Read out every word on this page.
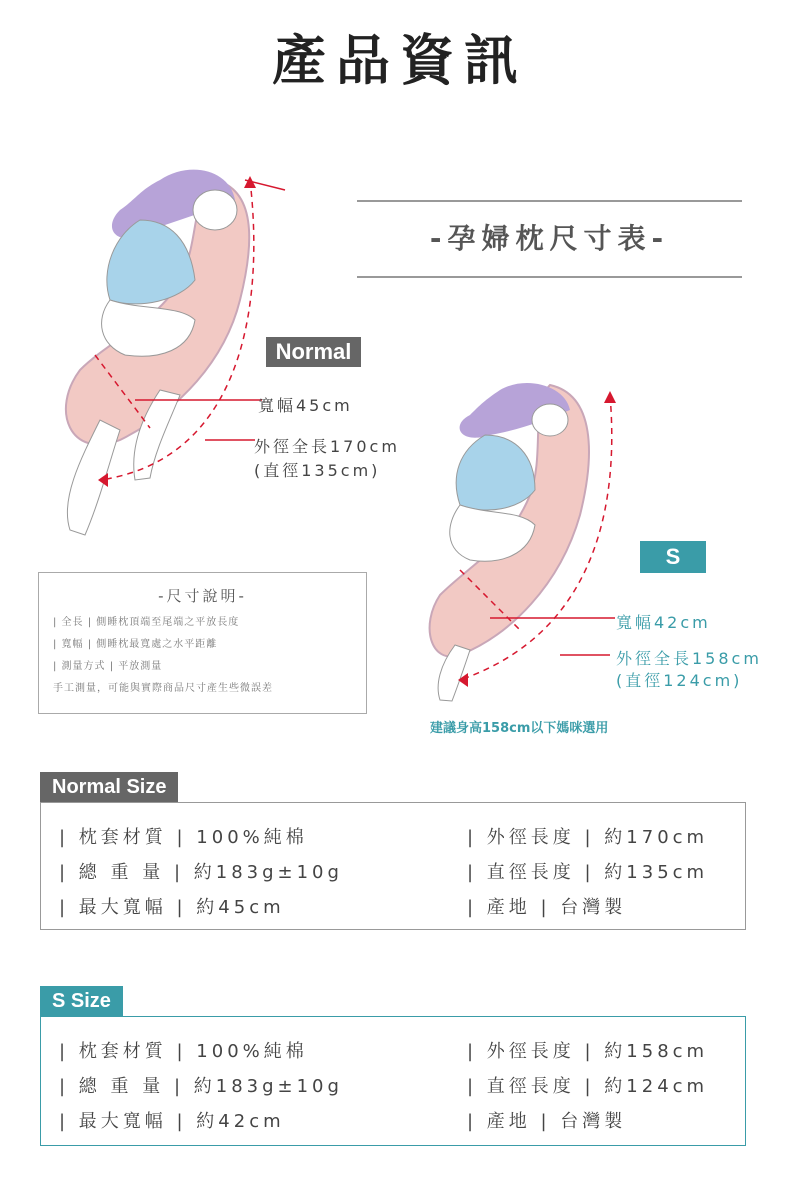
產品資訊
-孕婦枕尺寸表-
Normal
寬幅45cm
外徑全長170cm
(直徑135cm)
S
寬幅42cm
外徑全長158cm
(直徑124cm)
建議身高158cm以下媽咪選用
-尺寸說明-
| 全長 | 側睡枕頂端至尾端之平放長度
| 寬幅 | 側睡枕最寬處之水平距離
| 測量方式 | 平放測量
手工測量，可能與實際商品尺寸產生些微誤差
Normal Size
| 枕套材質 | 100%純棉
| 總 重 量 | 約183g±10g
| 最大寬幅 | 約45cm
| 外徑長度 | 約170cm
| 直徑長度 | 約135cm
| 產地 | 台灣製
S Size
| 枕套材質 | 100%純棉
| 總 重 量 | 約183g±10g
| 最大寬幅 | 約42cm
| 外徑長度 | 約158cm
| 直徑長度 | 約124cm
| 產地 | 台灣製
